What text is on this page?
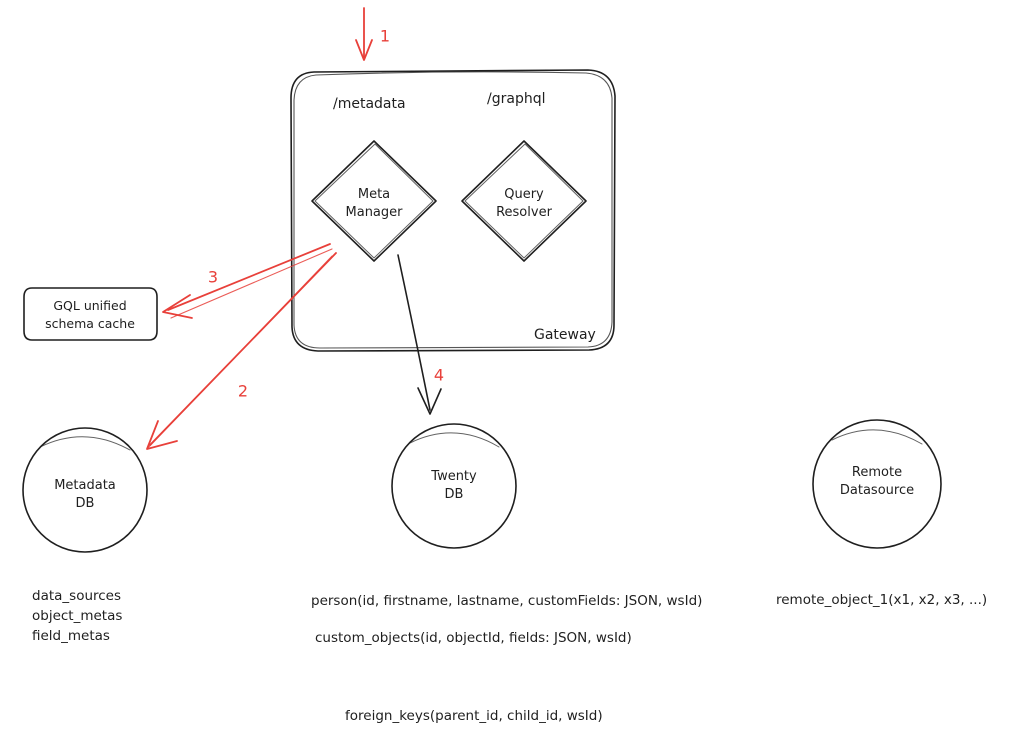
/metadata	/graphql
Gateway
Meta
Manager
Query
Resolver
GQL unified
schema cache
Metadata
DB
Twenty
DB
Remote
Datasource
1
2
3
4
data_sources
object_metas
field_metas
person(id, firstname, lastname, customFields: JSON, wsId)
custom_objects(id, objectId, fields: JSON, wsId)
remote_object_1(x1, x2, x3, ...)
foreign_keys(parent_id, child_id, wsId)
